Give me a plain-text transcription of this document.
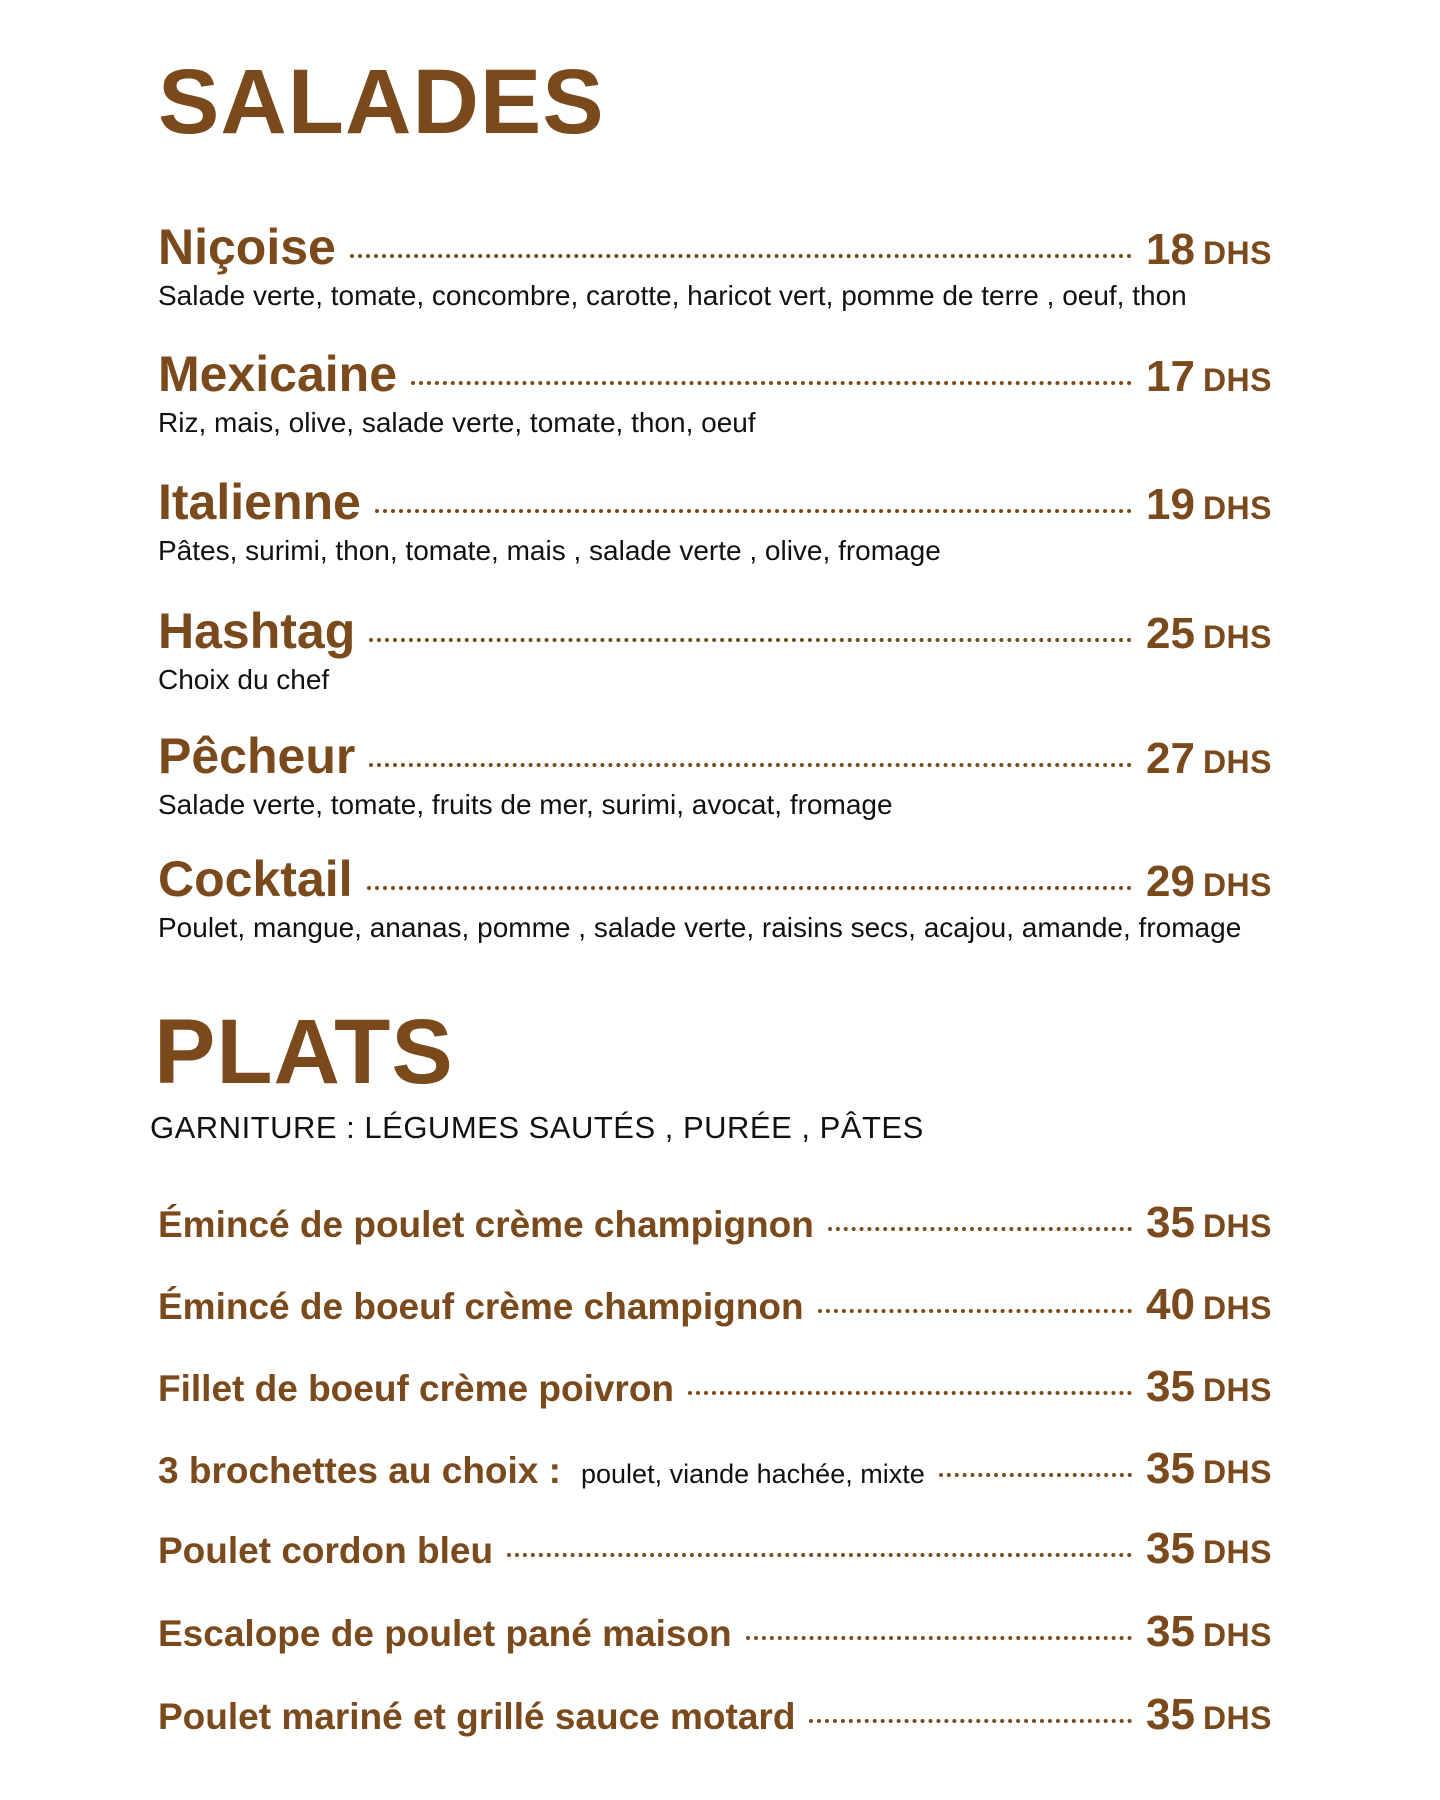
SALADES
Niçoise	18 DHS
Salade verte, tomate, concombre, carotte, haricot vert, pomme de terre , oeuf, thon
Mexicaine	17 DHS
Riz, mais, olive, salade verte, tomate, thon, oeuf
Italienne	19 DHS
Pâtes, surimi, thon, tomate, mais , salade verte , olive, fromage
Hashtag	25 DHS
Choix du chef
Pêcheur	27 DHS
Salade verte, tomate, fruits de mer, surimi, avocat, fromage
Cocktail	29 DHS
Poulet, mangue, ananas, pomme , salade verte, raisins secs, acajou, amande, fromage
PLATS
GARNITURE : LÉGUMES SAUTÉS , PURÉE , PÂTES
Émincé de poulet crème champignon	35 DHS
Émincé de boeuf crème champignon	40 DHS
Fillet de boeuf crème poivron	35 DHS
3 brochettes au choix : poulet, viande hachée, mixte	35 DHS
Poulet cordon bleu	35 DHS
Escalope de poulet pané maison	35 DHS
Poulet mariné et grillé sauce motard	35 DHS
